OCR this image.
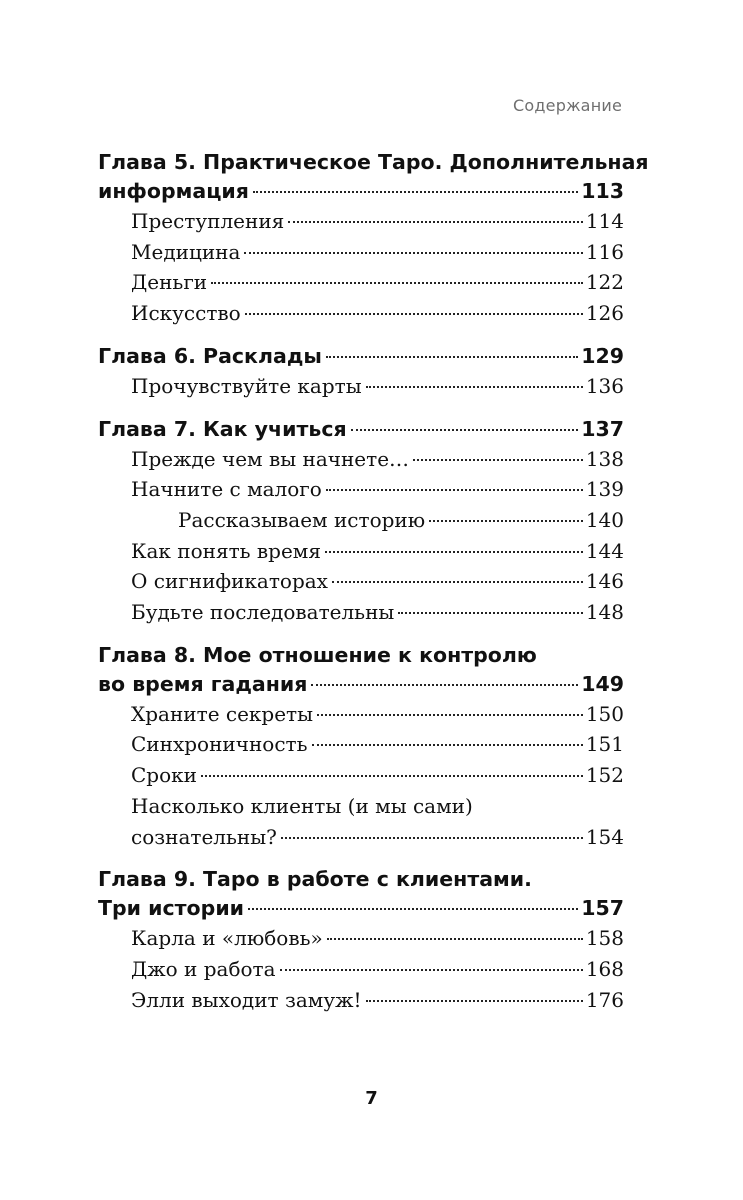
Содержание
Глава 5. Практическое Таро. Дополнительная
информация	113
Преступления	114
Медицина	116
Деньги	122
Искусство	126
Глава 6. Расклады	129
Прочувствуйте карты	136
Глава 7. Как учиться	137
Прежде чем вы начнете…	138
Начните с малого	139
Рассказываем историю	140
Как понять время	144
О сигнификаторах	146
Будьте последовательны	148
Глава 8. Мое отношение к контролю
во время гадания	149
Храните секреты	150
Синхроничность	151
Сроки	152
Насколько клиенты (и мы сами)
сознательны?	154
Глава 9. Таро в работе с клиентами.
Три истории	157
Карла и «любовь»	158
Джо и работа	168
Элли выходит замуж!	176
7
